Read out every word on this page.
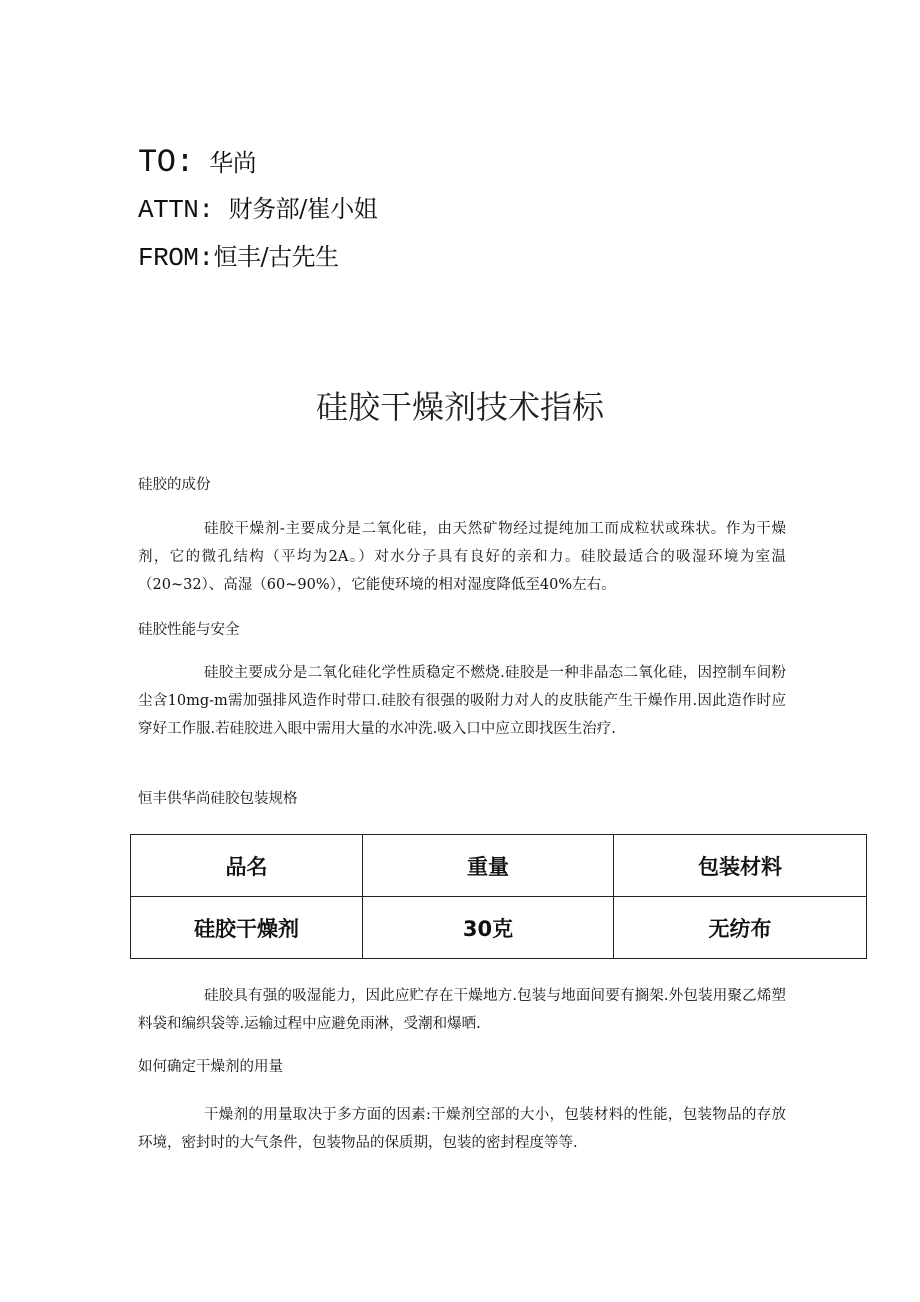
TO: 华尚

ATTN: 财务部/崔小姐

FROM:恒丰/古先生

硅胶干燥剂技术指标
硅胶的成份

硅胶干燥剂-主要成分是二氧化硅，由天然矿物经过提纯加工而成粒状或珠状。作为干燥剂，它的微孔结构（平均为2A。）对水分子具有良好的亲和力。硅胶最适合的吸湿环境为室温（20~32）、高湿（60~90%），它能使环境的相对湿度降低至40%左右。

硅胶性能与安全

硅胶主要成分是二氧化硅化学性质稳定不燃烧.硅胶是一种非晶态二氧化硅，因控制车间粉尘含10mg-m需加强排风造作时带口.硅胶有很强的吸附力对人的皮肤能产生干燥作用.因此造作时应穿好工作服.若硅胶进入眼中需用大量的水冲洗.吸入口中应立即找医生治疗.

恒丰供华尚硅胶包装规格
品名	重量	包装材料
硅胶干燥剂	30克	无纺布

硅胶具有强的吸湿能力，因此应贮存在干燥地方.包装与地面间要有搁架.外包装用聚乙烯塑料袋和编织袋等.运输过程中应避免雨淋，受潮和爆晒.

如何确定干燥剂的用量

干燥剂的用量取决于多方面的因素:干燥剂空部的大小，包装材料的性能，包装物品的存放环境，密封时的大气条件，包装物品的保质期，包装的密封程度等等.
